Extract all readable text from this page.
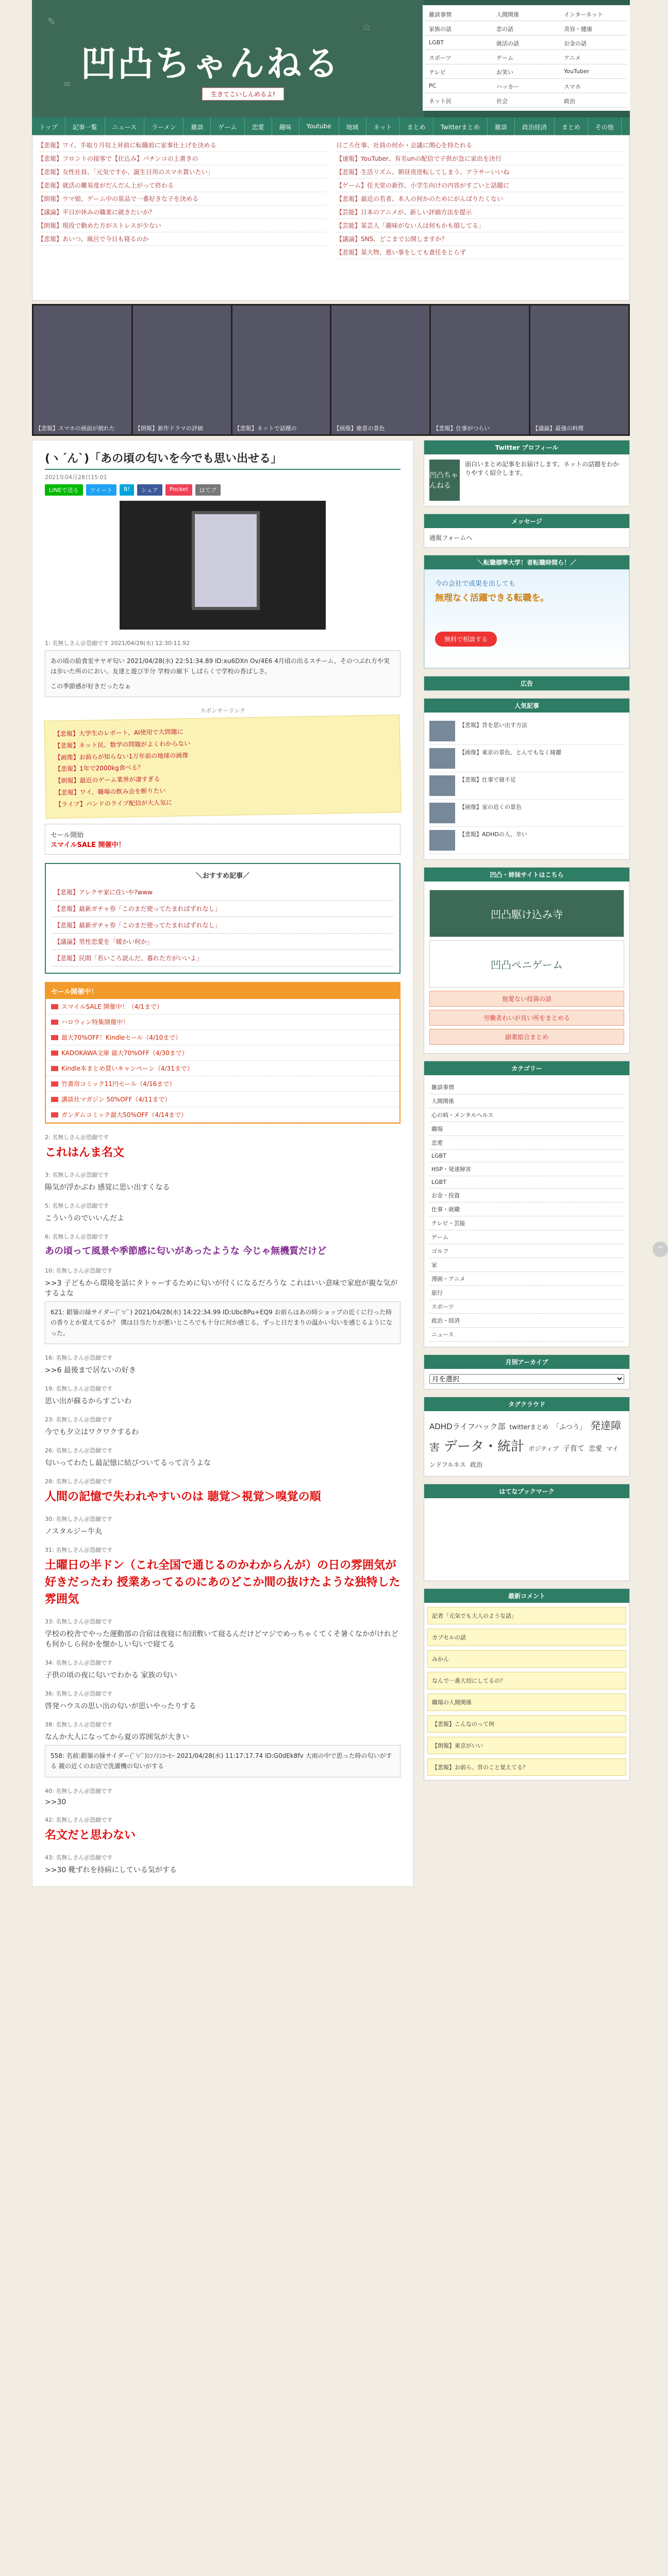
✎	☆
∞ 凹凸ちゃんねる
生きてこいしんめるよ!
雑談事情	人間関係	インターネット
家族の話	恋の話	美容・健康
LGBT	就活の話	お金の話
スポーツ	ゲーム	アニメ
テレビ	お笑い	YouTuber
PC	ハッカー	スマホ
ネット民	社会	政治
トップ	記事一覧	ニュース	ラーメン	雑談	ゲーム	恋愛	趣味	Youtube	地域	ネット	まとめ	Twitterまとめ	雑談	政治経済	まとめ	その他
【悲報】ワイ、手取り月収上昇前に転職前に家事仕上げを決める
【悲報】フロントの接客で【仕込み】パチンコの上書きの
【悲報】女性社員、「元気ですか、誕生日用のスマホ貰いたい」
【悲報】就活の難易度がだんだん上がって終わる
【朗報】ウマ娘、ゲーム中の景品で一番好きな子を決める
【議論】平日が休みの職業に就きたいか？
【朗報】現役で勤めた方がストレスが少ない
【悲報】あいつ、風呂で今日も寝るのか
日ごろ仕事、社員の何か・会議に関心を持たれる
【速報】YouTuber、有名unの配信で子供が急に家出を決行
【悲報】生活リズム、朝昼夜逆転してしまう、アラサーいいね
【ゲーム】任天堂の新作、小学生向けの内容がすごいと話題に
【悲報】最近の若者、本人の何かのためにがんばりたくない
【芸能】日本のアニメが、新しい評価方法を提示
【芸能】某芸人「趣味がない人は何もかも損してる」
【議論】SNS、どこまで公開しますか？
【悲報】某大物、悪い事をしても責任をとらず
【悲報】スマホの画面が割れた	【朗報】新作ドラマの評価	【悲報】ネットで話題の	【画像】絶景の景色	【悲報】仕事がつらい	【議論】最強の料理
(ヽ´ん`)「あの頃の匂いを今でも思い出せる」
2021年04月28日15:01
LINEで送る	ツイート	B!	シェア	Pocket	はてブ
1: 名無しさん＠恐縮です 2021/04/28(水) 12:30:11.92
あの頃の給食室サヤギ匂い 2021/04/28(水) 22:51:34.89 ID:xu6DXn Ov/4E6 4月頃の出るスチーム，そのつぶれ方や実は歩いた所のにおい。友達と遊び半分 学校の廊下 しばらくで学校の香ばしさ。
この季節感が好きだったなぁ
スポンサーリンク
【悲報】大学生のレポート、AI使用で大問題に
【悲報】ネット民、数学の問題がよくわからない
【画像】お前らが知らない1万年前の地球の画像
【悲報】1年で2000kg食べる？
【朗報】最近のゲーム業界が凄すぎる
【悲報】ワイ、職場の飲み会を断りたい
【ライブ】バンドのライブ配信が大人気に
セール開始
スマイルSALE 開催中！
＼おすすめ記事／
【悲報】アレクサ家に住いや?www
【悲報】最新ガチャ券「このまだ使ってたまればずれなし」
【悲報】最新ガチャ券「このまだ使ってたまればずれなし」
【議論】男性恋愛を「暖かい何か」
【悲報】民間「若いころ読んだ、暮れた方がいいよ」
セール開催中！
スマイルSALE 開催中！（4/1まで）
ハロウィン特集開催中！
最大70%OFF！Kindleセール（4/10まで）
KADOKAWA文庫 最大70%OFF（4/30まで）
Kindle本まとめ買いキャンペーン（4/31まで）
竹書房コミック11円セール（4/16まで）
講談社マガジン 50%OFF（4/11まで）
ガンダムコミック最大50%OFF（4/14まで）
2: 名無しさん＠恐縮です
これはんま名文
3: 名無しさん＠恐縮です
陽気が浮かぶわ 感覚に思い出すくなる
5: 名無しさん＠恐縮です
こういうのでいいんだよ
6: 名無しさん＠恐縮です
あの頃って風景や季節感に匂いがあったような 今じゃ無機質だけど
10: 名無しさん＠恐縮です
>>3 子どもから環境を話にタトゥーするために匂いが付くになるだろうな これはいい意味で家庭が親な気がするよな
621: 銀嶺の緑サイダー(ﾟ∀ﾟ) 2021/04/28(水) 14:22:34.99 ID:Ubc8Pu+EQ9 お前らはあの時ショップの近くに行った時の香りとか覚えてるか？ 僕は日当たりが悪いところでも十分に何か感じる。ずっと日だまりの温かい匂いを感じるようになった。
16: 名無しさん＠恐縮です
>>6 最後まで居ないの好き
19: 名無しさん＠恐縮です
思い出が蘇るからすごいわ
23: 名無しさん＠恐縮です
今でも夕立はワクワクするわ
26: 名無しさん＠恐縮です
匂いってわたし最記憶に結びついてるって言うよな
28: 名無しさん＠恐縮です
人間の記憶で失われやすいのは 聴覚＞視覚＞嗅覚の順
30: 名無しさん＠恐縮です
ノスタルジー牛丸
31: 名無しさん＠恐縮です
土曜日の半ドン（これ全国で通じるのかわからんが）の日の雰囲気が好きだったわ 授業あってるのにあのどこか間の抜けたような独特した雰囲気
33: 名無しさん＠恐縮です
学校の校舎でやった運動部の合宿は夜寝に布団敷いて寝るんだけどマジでめっちゃくてくそ暑くなかがけれども何かしら何かを懐かしい匂いで寝てる
34: 名無しさん＠恐縮です
子供の頃の夜に匂いでわかる 家族の匂い
36: 名無しさん＠恐縮です
啓発ハウスの思い出の匂いが思いやったりする
38: 名無しさん＠恐縮です
なんか大人になってから夏の雰囲気が大きい
558: 名前:銀嶺の緑サイダー(ﾟ∀ﾟ)ｼﾝﾉｼﾝｺｰﾋｰ 2021/04/28(水) 11:17:17.74 ID:G0dEk8fv 大雨の中で思った時の匂いがする 親の近くのお店で洗濯機の匂いがする
40: 名無しさん＠恐縮です
>>30
42: 名無しさん＠恐縮です
名文だと思わない
43: 名無しさん＠恐縮です
>>30 靴ずれを持病にしている気がする
Twitter プロフィール
凹凸ちゃんねる
面白いまとめ記事をお届けします。ネットの話題をわかりやすく紹介します。
メッセージ
通報フォームへ
＼転職標準大学！者転職時間ら！／
今の会社で成果を出しても
無理なく活躍できる転職を。
無料で相談する
広告
人気記事
【悲報】昔を思い出す方法
【画像】東京の景色、とんでもなく綺麗
【悲報】仕事で寝不足
【画像】家の近くの景色
【悲報】ADHDの人、辛い
凹凸・姉妹サイトはこちら
凹凸駆け込み寺
凹凸ペニゲーム
他愛ない投資の話
労働者わいが良い所をまとめる
副業総合まとめ
カテゴリー
雑談事情
人間関係
心の病・メンタルヘルス
職場
恋愛
LGBT
HSP・発達障害
LGBT
お金・投資
仕事・就職
テレビ・芸能
ゲーム
ゴルフ
家
漫画・アニメ
旅行
スポーツ
政治・経済
ニュース
月別アーカイブ
月を選択
タグクラウド
ADHDライフハック部 twitterまとめ 「ふつう」 発達障害 データ・統計 ポジティブ 子育て 恋愛 マインドフルネス 政治
はてなブックマーク
最新コメント
記者「元気でも大人のような話」
カプセルの話
みかん
なんで一番大切にしてるの？
職場の人間関係
【悲報】こんなのって何
【朗報】東京がいい
【悲報】お前ら、昔のこと覚えてる？
^
